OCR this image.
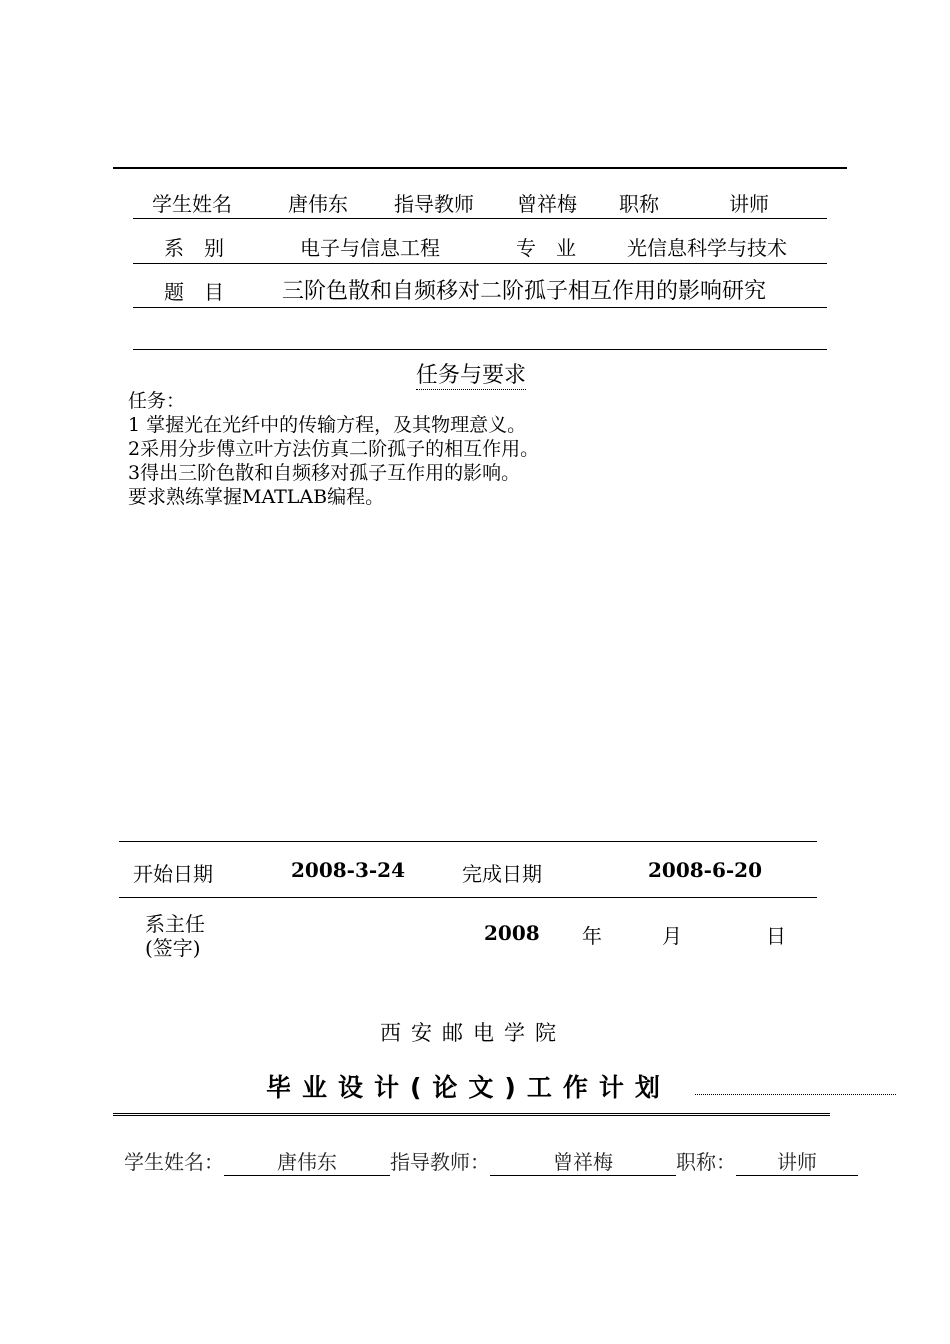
学生姓名	唐伟东 指导教师 曾祥梅 职称	讲师
系　别	电子与信息工程	专　业	光信息科学与技术
题　目	三阶色散和自频移对二阶孤子相互作用的影响研究
任务与要求
任务：
1 掌握光在光纤中的传输方程，及其物理意义。
2采用分步傅立叶方法仿真二阶孤子的相互作用。
3得出三阶色散和自频移对孤子互作用的影响。
要求熟练掌握MATLAB编程。
开始日期	2008-3-24	完成日期	2008-6-20
系主任
(签字)
2008 年	月	日
西安邮电学院
毕业设计(论文)工作计划
学生姓名：	唐伟东	指导教师：	曾祥梅	职称： 讲师
